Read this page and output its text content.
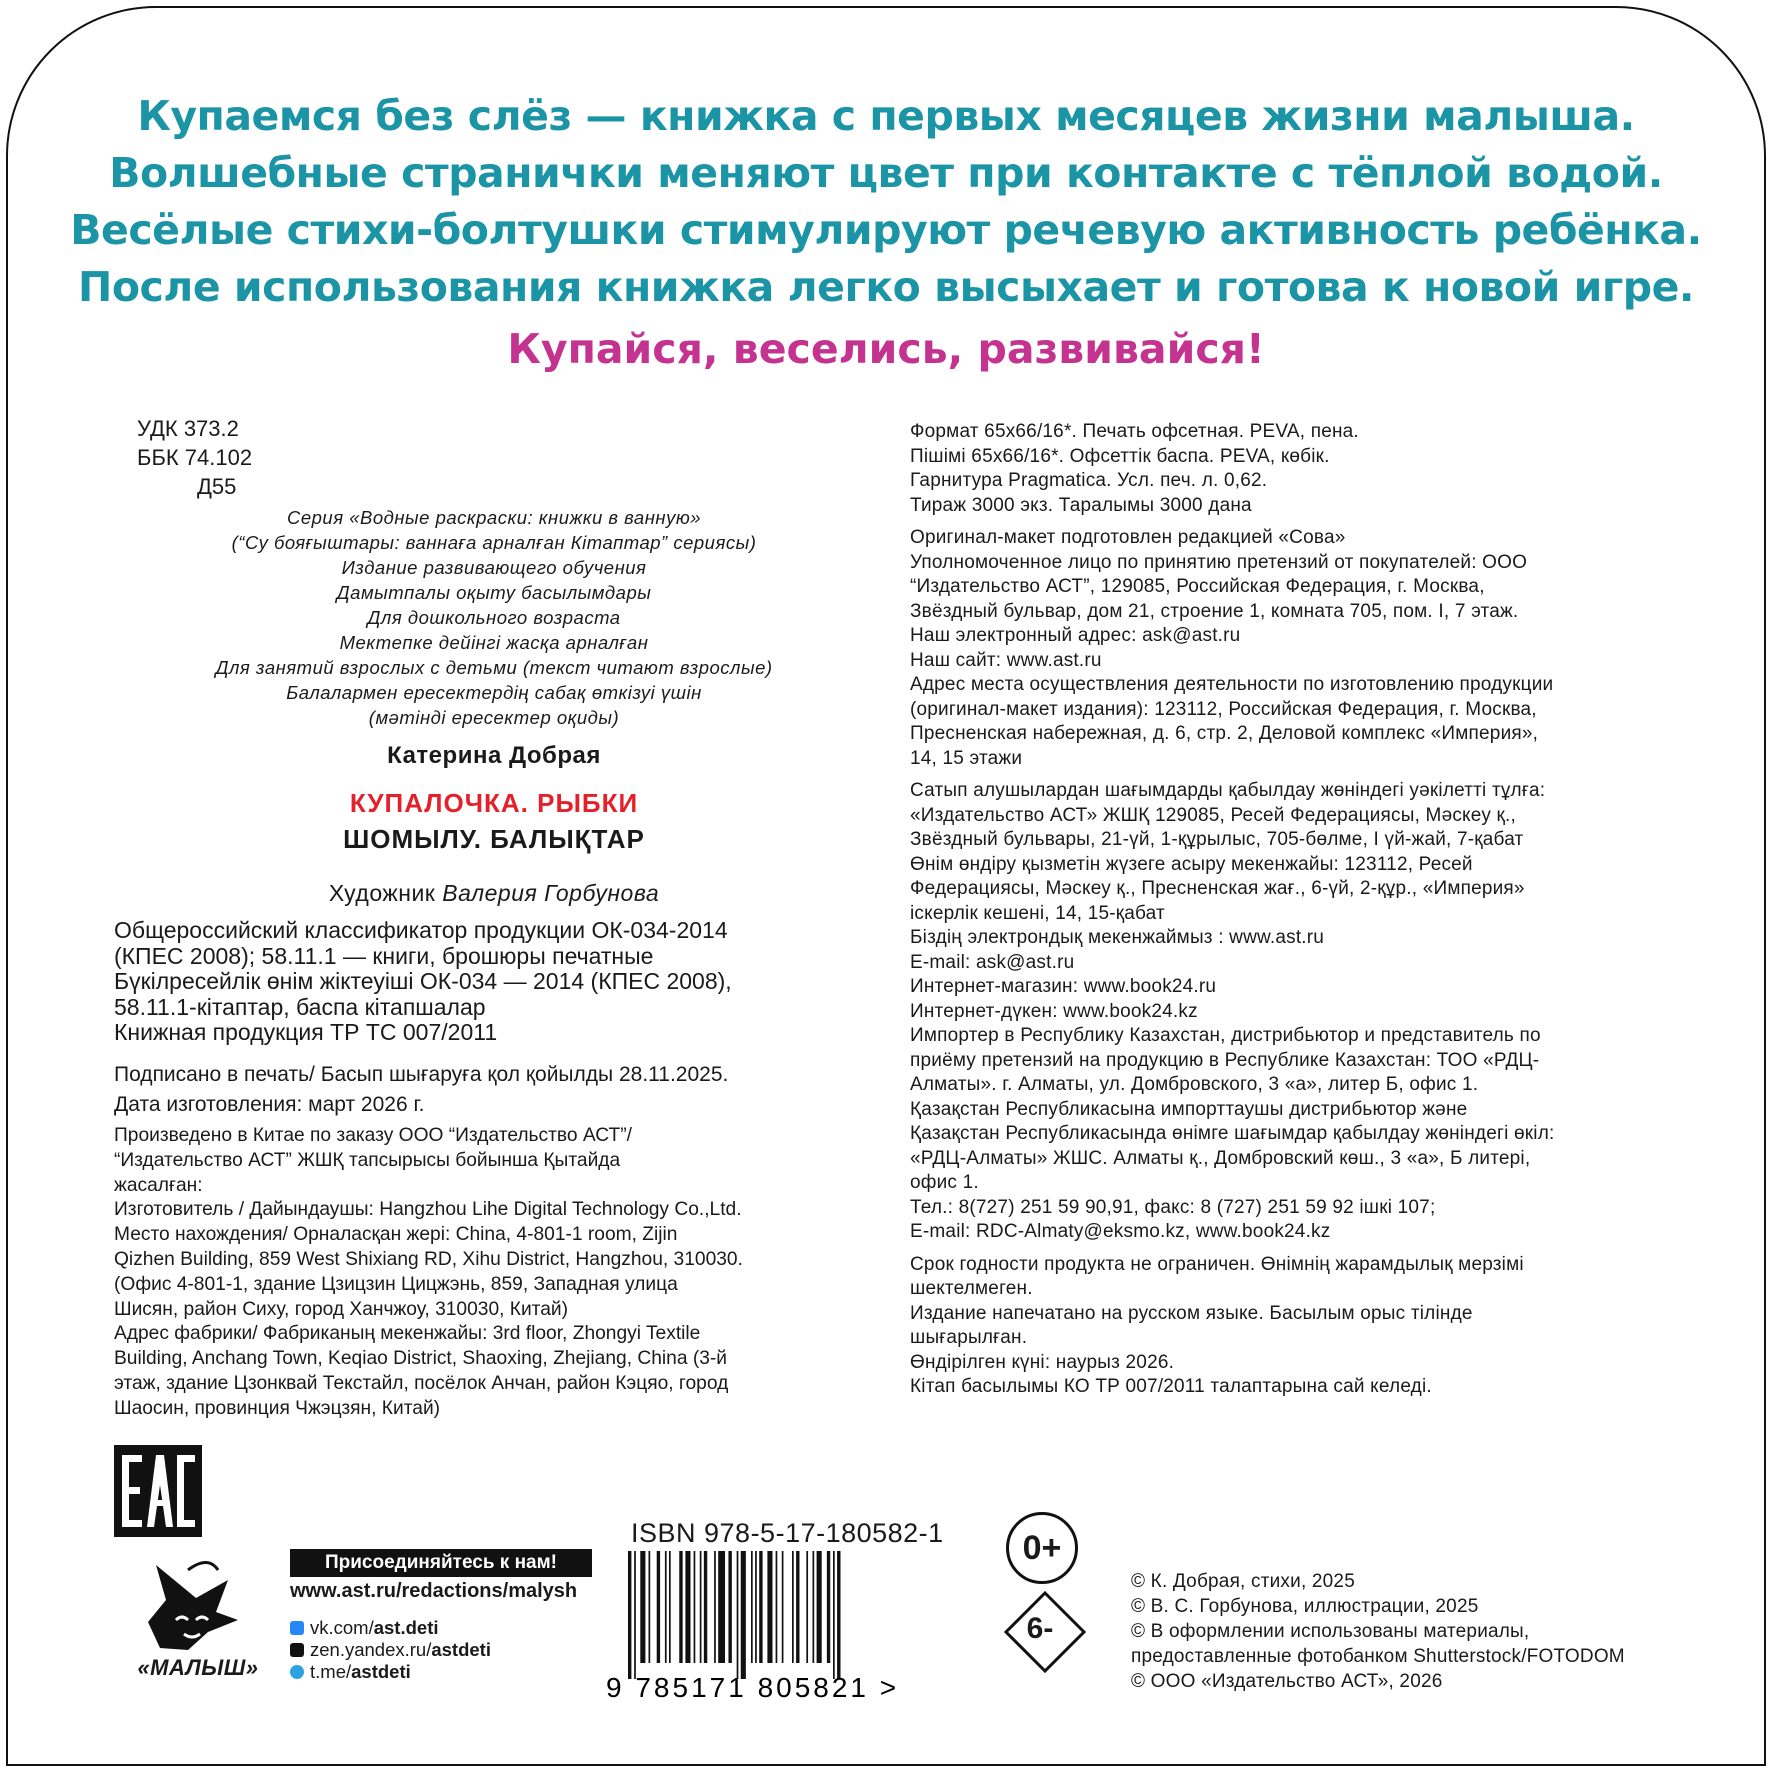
Купаемся без слёз — книжка с первых месяцев жизни малыша.
Волшебные странички меняют цвет при контакте с тёплой водой.
Весёлые стихи-болтушки стимулируют речевую активность ребёнка.
После использования книжка легко высыхает и готова к новой игре.
Купайся, веселись, развивайся!
УДК 373.2
ББК 74.102
Д55
Серия «Водные раскраски: книжки в ванную»
(“Су бояғыштары: ваннаға арналған Кітаптар” сериясы)
Издание развивающего обучения
Дамытпалы оқыту басылымдары
Для дошкольного возраста
Мектепке дейінгі жасқа арналған
Для занятий взрослых с детьми (текст читают взрослые)
Балалармен ересектердің сабақ өткізуі үшін
(мәтінді ересектер оқиды)
Катерина Добрая
КУПАЛОЧКА. РЫБКИ
ШОМЫЛУ. БАЛЫҚТАР
Художник Валерия Горбунова
Общероссийский классификатор продукции ОК-034-2014
(КПЕС 2008); 58.11.1 — книги, брошюры печатные
Бүкілресейлік өнім жіктеуіші ОК-034 — 2014 (КПЕС 2008),
58.11.1-кітаптар, баспа кітапшалар
Книжная продукция ТР ТС 007/2011
Подписано в печать/ Басып шығаруға қол қойылды 28.11.2025.
Дата изготовления: март 2026 г.
Произведено в Китае по заказу ООО “Издательство АСТ”/
“Издательство АСТ” ЖШҚ тапсырысы бойынша Қытайда
жасалған:
Изготовитель / Дайындаушы: Hangzhou Lihe Digital Technology Co.,Ltd.
Место нахождения/ Орналасқан жері: China, 4-801-1 room, Zijin
Qizhen Building, 859 West Shixiang RD, Xihu District, Hangzhou, 310030.
(Офис 4-801-1, здание Цзицзин Цицжэнь, 859, Западная улица
Шисян, район Сиху, город Ханчжоу, 310030, Китай)
Адрес фабрики/ Фабриканың мекенжайы: 3rd floor, Zhongyi Textile
Building, Anchang Town, Keqiao District, Shaoxing, Zhejiang, China (3-й
этаж, здание Цзонквай Текстайл, посёлок Анчан, район Кэцяо, город
Шаосин, провинция Чжэцзян, Китай)
Формат 65x66/16*. Печать офсетная. PEVA, пена.
Пішімі 65x66/16*. Офсеттік баспа. PEVA, көбік.
Гарнитура Pragmatica. Усл. печ. л. 0,62.
Тираж 3000 экз. Таралымы 3000 дана
Оригинал-макет подготовлен редакцией «Сова»
Уполномоченное лицо по принятию претензий от покупателей: ООО
“Издательство АСТ”, 129085, Российская Федерация, г. Москва,
Звёздный бульвар, дом 21, строение 1, комната 705, пом. I, 7 этаж.
Наш электронный адрес: ask@ast.ru
Наш сайт: www.ast.ru
Адрес места осуществления деятельности по изготовлению продукции
(оригинал-макет издания): 123112, Российская Федерация, г. Москва,
Пресненская набережная, д. 6, стр. 2, Деловой комплекс «Империя»,
14, 15 этажи
Сатып алушылардан шағымдарды қабылдау жөніндегі уәкілетті тұлға:
«Издательство АСТ» ЖШҚ 129085, Ресей Федерациясы, Мәскеу қ.,
Звёздный бульвары, 21-үй, 1-құрылыс, 705-бөлме, I үй-жай, 7-қабат
Өнім өндіру қызметін жүзеге асыру мекенжайы: 123112, Ресей
Федерациясы, Мәскеу қ., Пресненская жағ., 6-үй, 2-құр., «Империя»
іскерлік кешені, 14, 15-қабат
Біздің электрондық мекенжаймыз : www.ast.ru
E-mail: ask@ast.ru
Интернет-магазин: www.book24.ru
Интернет-дүкен: www.book24.kz
Импортер в Республику Казахстан, дистрибьютор и представитель по
приёму претензий на продукцию в Республике Казахстан: ТОО «РДЦ-
Алматы». г. Алматы, ул. Домбровского, 3 «а», литер Б, офис 1.
Қазақстан Республикасына импорттаушы дистрибьютор және
Қазақстан Республикасында өнімге шағымдар қабылдау жөніндегі өкіл:
«РДЦ-Алматы» ЖШС. Алматы қ., Домбровский көш., 3 «а», Б литері,
офис 1.
Тел.: 8(727) 251 59 90,91, факс: 8 (727) 251 59 92 ішкі 107;
E-mail: RDC-Almaty@eksmo.kz, www.book24.kz
Срок годности продукта не ограничен. Өнімнің жарамдылық мерзімі
шектелмеген.
Издание напечатано на русском языке. Басылым орыс тілінде
шығарылған.
Өндірілген күні: наурыз 2026.
Кітап басылымы КО ТР 007/2011 талаптарына сай келеді.
«МАЛЫШ»
Присоединяйтесь к нам!
www.ast.ru/redactions/malysh
vk.com/ast.deti
zen.yandex.ru/astdeti
t.me/astdeti
ISBN 978-5-17-180582-1
9 785171 805821 >
0+
6-
© К. Добрая, стихи, 2025
© В. С. Горбунова, иллюстрации, 2025
© В оформлении использованы материалы,
предоставленные фотобанком Shutterstock/FOTODOM
© ООО «Издательство АСТ», 2026
